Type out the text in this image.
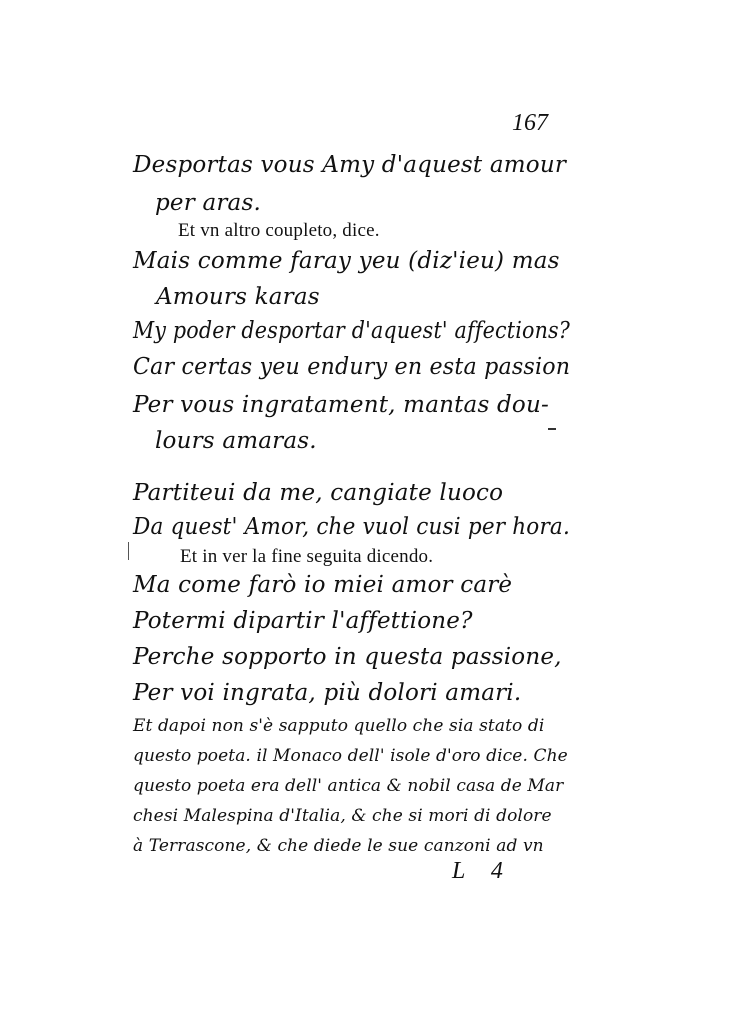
167
Desportas vous Amy d'aquest amour
per aras.
Et vn altro coupleto, dice.
Mais comme faray yeu (diz'ieu) mas
Amours karas
My poder desportar d'aquest' affections?
Car certas yeu endury en esta passion
Per vous ingratament, mantas dou-
lours amaras.
Partiteui da me, cangiate luoco
Da quest' Amor, che vuol cusi per hora.
Et in ver la fine seguita dicendo.
Ma come farò io miei amor carè
Potermi dipartir l'affettione?
Perche sopporto in questa passione,
Per voi ingrata, più dolori amari.
Et dapoi non s'è sapputo quello che sia stato di
questo poeta. il Monaco dell' isole d'oro dice. Che
questo poeta era dell' antica & nobil casa de Mar
chesi Malespina d'Italia, & che si mori di dolore
à Terrascone, & che diede le sue canzoni ad vn
L 4
